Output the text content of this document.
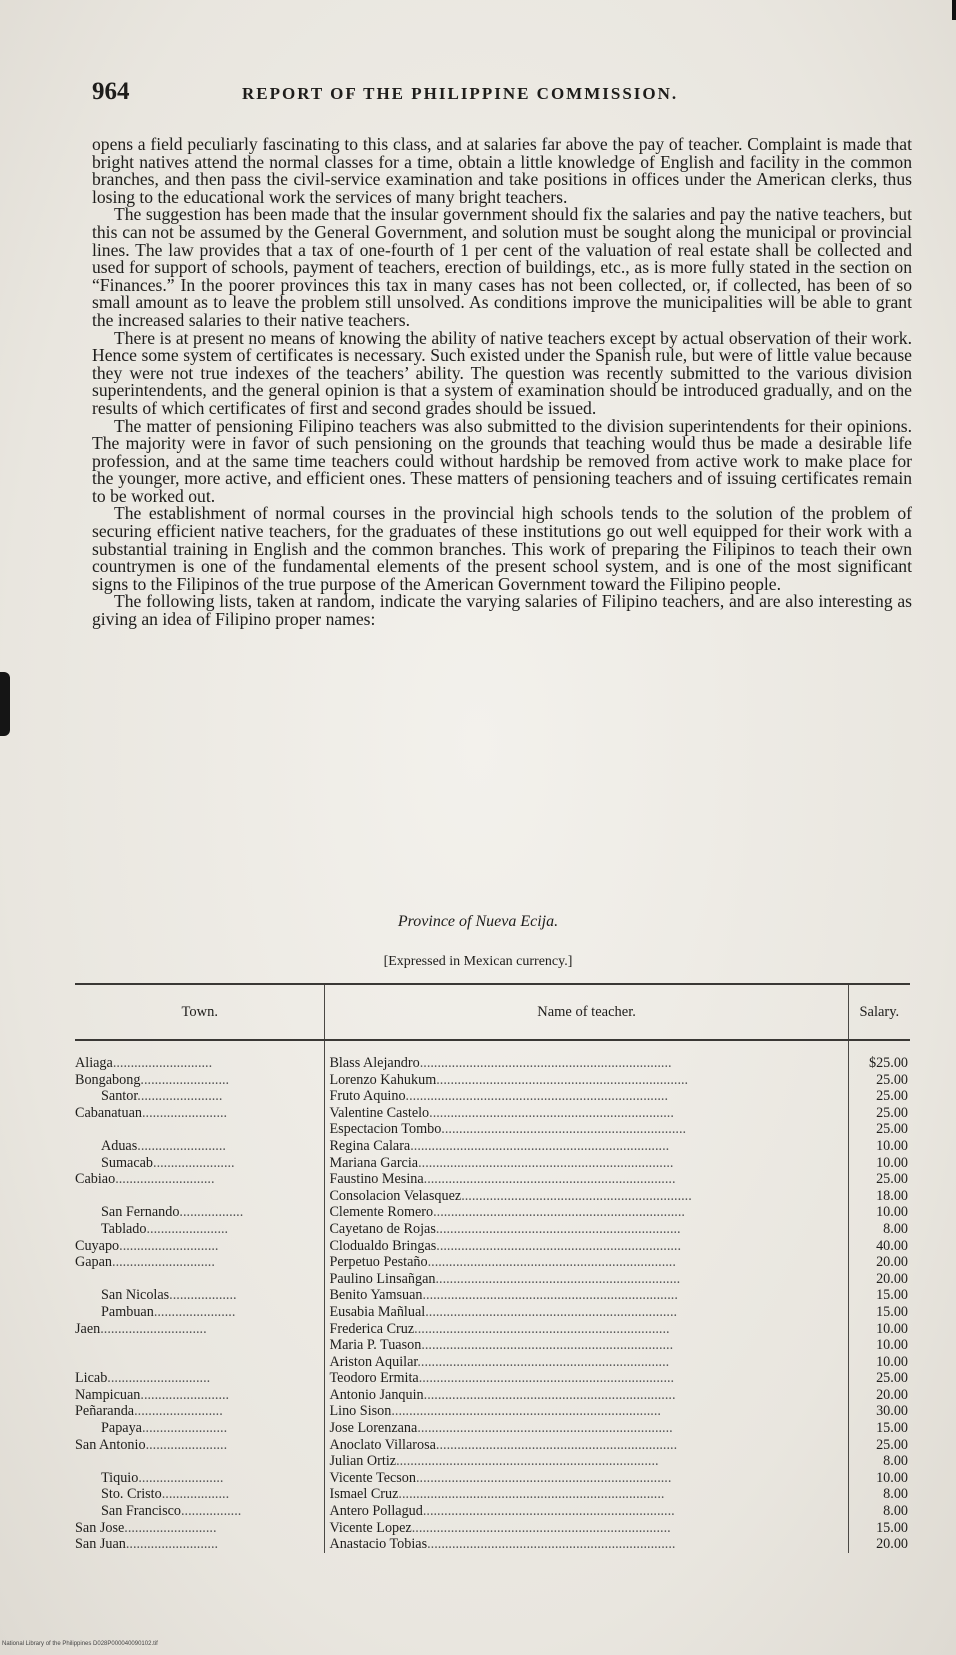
964	REPORT OF THE PHILIPPINE COMMISSION.

opens a field peculiarly fascinating to this class, and at salaries far above the pay of teacher. Complaint is made that bright natives attend the normal classes for a time, obtain a little knowledge of English and facility in the common branches, and then pass the civil-service examination and take positions in offices under the American clerks, thus losing to the educational work the services of many bright teachers.

The suggestion has been made that the insular government should fix the salaries and pay the native teachers, but this can not be assumed by the General Government, and solution must be sought along the municipal or provincial lines. The law provides that a tax of one-fourth of 1 per cent of the valuation of real estate shall be collected and used for support of schools, payment of teachers, erection of buildings, etc., as is more fully stated in the section on “Finances.” In the poorer provinces this tax in many cases has not been collected, or, if collected, has been of so small amount as to leave the problem still unsolved. As conditions improve the municipalities will be able to grant the increased salaries to their native teachers.

There is at present no means of knowing the ability of native teachers except by actual observation of their work. Hence some system of certificates is necessary. Such existed under the Spanish rule, but were of little value because they were not true indexes of the teachers’ ability. The question was recently submitted to the various division superintendents, and the general opinion is that a system of examination should be introduced gradually, and on the results of which certificates of first and second grades should be issued.

The matter of pensioning Filipino teachers was also submitted to the division superintendents for their opinions. The majority were in favor of such pensioning on the grounds that teaching would thus be made a desirable life profession, and at the same time teachers could without hardship be removed from active work to make place for the younger, more active, and efficient ones. These matters of pensioning teachers and of issuing certificates remain to be worked out.

The establishment of normal courses in the provincial high schools tends to the solution of the problem of securing efficient native teachers, for the graduates of these institutions go out well equipped for their work with a substantial training in English and the common branches. This work of preparing the Filipinos to teach their own countrymen is one of the fundamental elements of the present school system, and is one of the most significant signs to the Filipinos of the true purpose of the American Government toward the Filipino people.

The following lists, taken at random, indicate the varying salaries of Filipino teachers, and are also interesting as giving an idea of Filipino proper names:

Province of Nueva Ecija.
[Expressed in Mexican currency.]
Town.	Name of teacher.	Salary.
Aliaga............................	Blass Alejandro.......................................................................	$25.00
Bongabong.........................	Lorenzo Kahukum.......................................................................	25.00
Santor........................	Fruto Aquino..........................................................................	25.00
Cabanatuan........................	Valentine Castelo.....................................................................	25.00
	Espectacion Tombo.....................................................................	25.00
Aduas.........................	Regina Calara.........................................................................	10.00
Sumacab.......................	Mariana Garcia........................................................................	10.00
Cabiao............................	Faustino Mesina.......................................................................	25.00
	Consolacion Velasquez.................................................................	18.00
San Fernando..................	Clemente Romero.......................................................................	10.00
Tablado.......................	Cayetano de Rojas.....................................................................	8.00
Cuyapo............................	Clodualdo Bringas.....................................................................	40.00
Gapan.............................	Perpetuo Pestaño......................................................................	20.00
	Paulino Linsañgan.....................................................................	20.00
San Nicolas...................	Benito Yamsuan........................................................................	15.00
Pambuan.......................	Eusabia Mañlual.......................................................................	15.00
Jaen..............................	Frederica Cruz........................................................................	10.00
	Maria P. Tuason.......................................................................	10.00
	Ariston Aquilar.......................................................................	10.00
Licab.............................	Teodoro Ermita........................................................................	25.00
Nampicuan.........................	Antonio Janquin.......................................................................	20.00
Peñaranda.........................	Lino Sison............................................................................	30.00
Papaya........................	Jose Lorenzana........................................................................	15.00
San Antonio.......................	Anoclato Villarosa....................................................................	25.00
	Julian Ortiz..........................................................................	8.00
Tiquio........................	Vicente Tecson........................................................................	10.00
Sto. Cristo...................	Ismael Cruz...........................................................................	8.00
San Francisco.................	Antero Pollagud.......................................................................	8.00
San Jose..........................	Vicente Lopez.........................................................................	15.00
San Juan..........................	Anastacio Tobias......................................................................	20.00
National Library of the Philippines D028P000040090102.tif
